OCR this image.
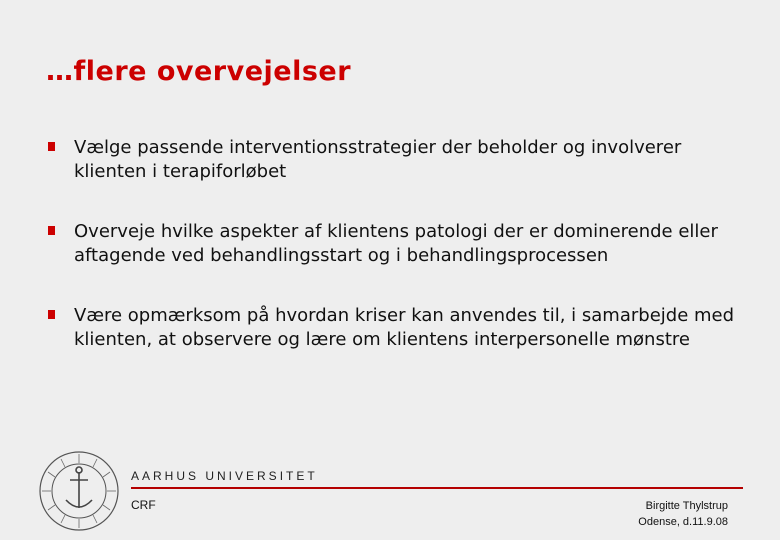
…flere overvejelser
Vælge passende interventionsstrategier der beholder og involverer klienten i terapiforløbet
Overveje hvilke aspekter af klientens patologi der er dominerende eller aftagende ved behandlingsstart og i behandlingsprocessen
Være opmærksom på hvordan kriser kan anvendes til, i samarbejde med klienten, at observere og lære om klientens interpersonelle mønstre
AARHUS UNIVERSITET
CRF	Birgitte Thylstrup
Odense, d.11.9.08
